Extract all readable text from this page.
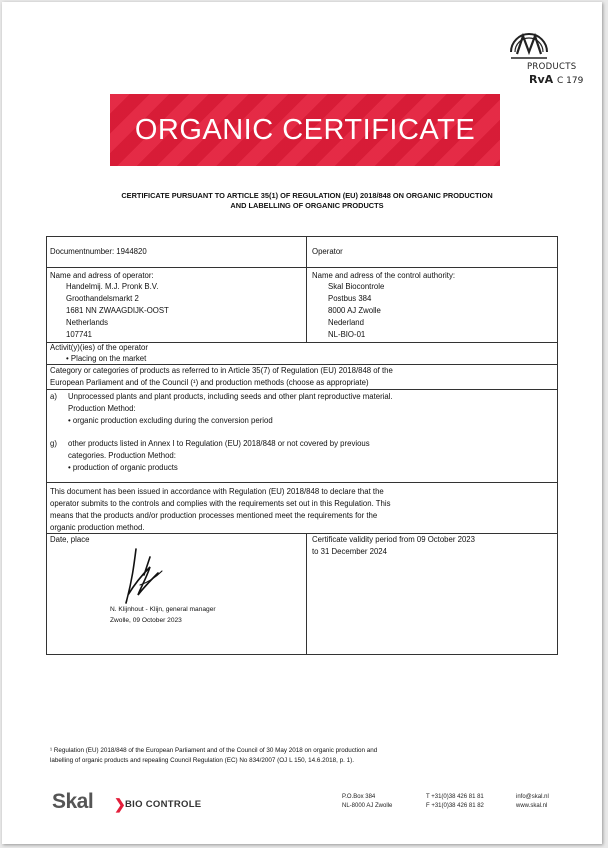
PRODUCTS
RvA C 179
ORGANIC CERTIFICATE
CERTIFICATE PURSUANT TO ARTICLE 35(1) OF REGULATION (EU) 2018/848 ON ORGANIC PRODUCTION
AND LABELLING OF ORGANIC PRODUCTS
Documentnumber: 1944820	Operator
Name and adress of operator:
Handelmij. M.J. Pronk B.V.
Groothandelsmarkt 2
1681 NN ZWAAGDIJK-OOST
Netherlands
107741
Name and adress of the control authority:
Skal Biocontrole
Postbus 384
8000 AJ Zwolle
Nederland
NL-BIO-01
Activit(y)(ies) of the operator
• Placing on the market
Category or categories of products as referred to in Article 35(7) of Regulation (EU) 2018/848 of the
European Parliament and of the Council (¹) and production methods (choose as appropriate)
a) Unprocessed plants and plant products, including seeds and other plant reproductive material.
Production Method:
• organic production excluding during the conversion period
g) other products listed in Annex I to Regulation (EU) 2018/848 or not covered by previous
categories. Production Method:
• production of organic products
This document has been issued in accordance with Regulation (EU) 2018/848 to declare that the
operator submits to the controls and complies with the requirements set out in this Regulation. This
means that the products and/or production processes mentioned meet the requirements for the
organic production method.
Date, place
N. Klijnhout - Klijn, general manager
Zwolle, 09 October 2023
Certificate validity period from 09 October 2023
to 31 December 2024
¹ Regulation (EU) 2018/848 of the European Parliament and of the Council of 30 May 2018 on organic production and
labelling of organic products and repealing Council Regulation (EC) No 834/2007 (OJ L 150, 14.6.2018, p. 1).
Skal ❯ BIO CONTROLE
P.O.Box 384
NL-8000 AJ Zwolle
T +31(0)38 426 81 81
F +31(0)38 426 81 82
info@skal.nl
www.skal.nl
